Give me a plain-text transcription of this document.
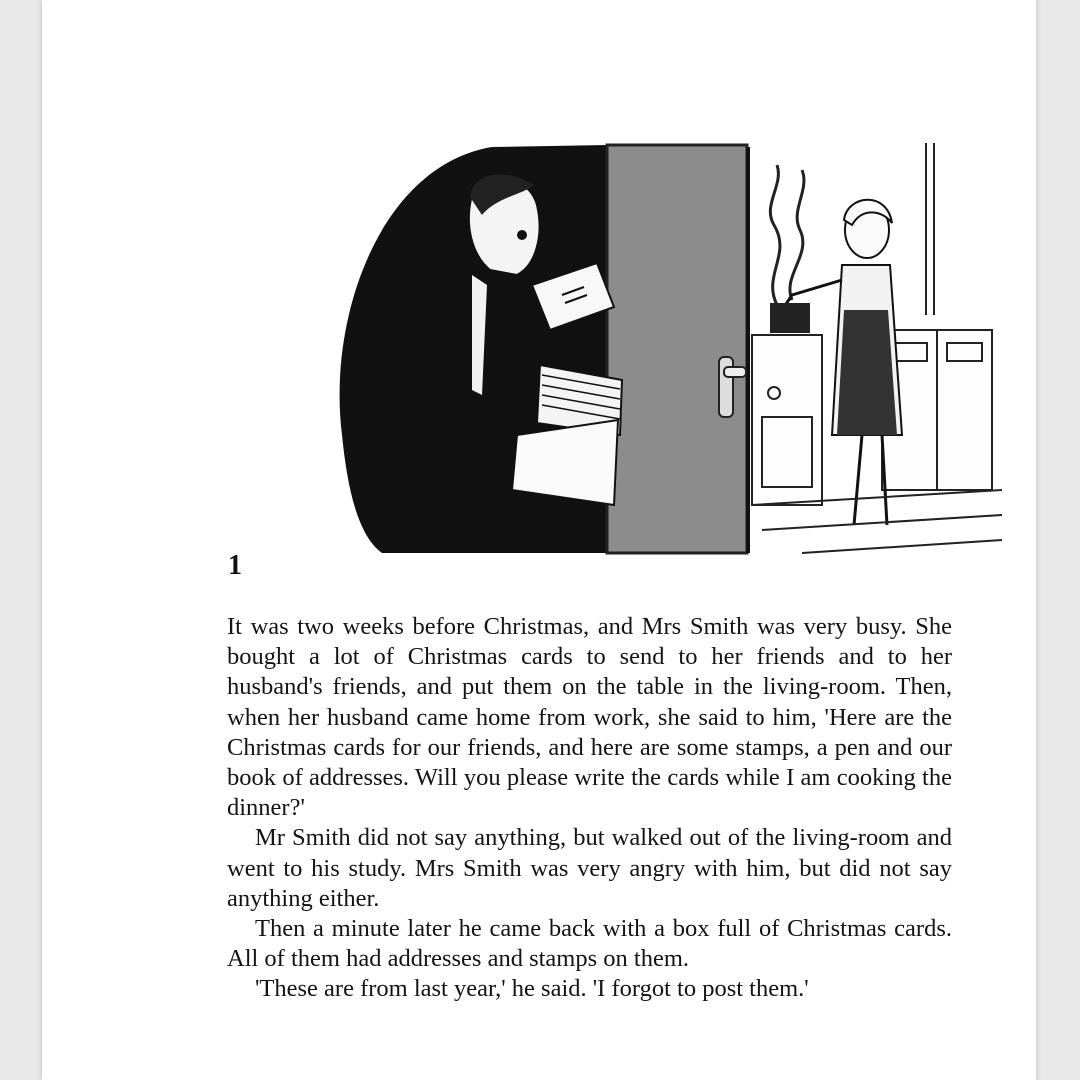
1

It was two weeks before Christmas, and Mrs Smith was very busy. She bought a lot of Christmas cards to send to her friends and to her husband's friends, and put them on the table in the living-room. Then, when her husband came home from work, she said to him, 'Here are the Christmas cards for our friends, and here are some stamps, a pen and our book of addresses. Will you please write the cards while I am cooking the dinner?'

Mr Smith did not say anything, but walked out of the living-room and went to his study. Mrs Smith was very angry with him, but did not say anything either.

Then a minute later he came back with a box full of Christmas cards. All of them had addresses and stamps on them.

'These are from last year,' he said. 'I forgot to post them.'
